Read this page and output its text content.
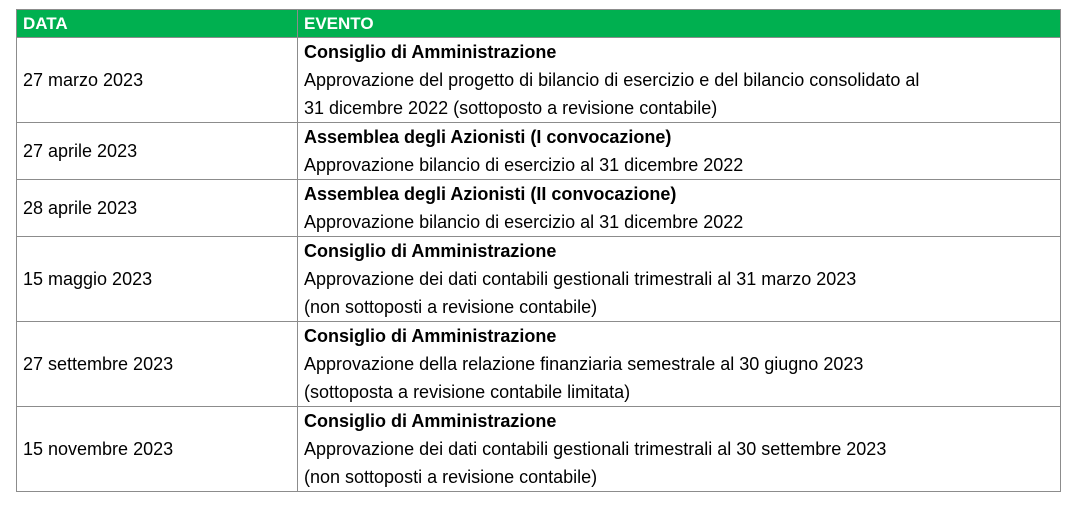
DATA	EVENTO
27 marzo 2023	Consiglio di Amministrazione
Approvazione del progetto di bilancio di esercizio e del bilancio consolidato al
31 dicembre 2022 (sottoposto a revisione contabile)

27 aprile 2023	Assemblea degli Azionisti (I convocazione)
Approvazione bilancio di esercizio al 31 dicembre 2022

28 aprile 2023	Assemblea degli Azionisti (II convocazione)
Approvazione bilancio di esercizio al 31 dicembre 2022

15 maggio 2023	Consiglio di Amministrazione
Approvazione dei dati contabili gestionali trimestrali al 31 marzo 2023
(non sottoposti a revisione contabile)

27 settembre 2023	Consiglio di Amministrazione
Approvazione della relazione finanziaria semestrale al 30 giugno 2023
(sottoposta a revisione contabile limitata)

15 novembre 2023	Consiglio di Amministrazione
Approvazione dei dati contabili gestionali trimestrali al 30 settembre 2023
(non sottoposti a revisione contabile)
